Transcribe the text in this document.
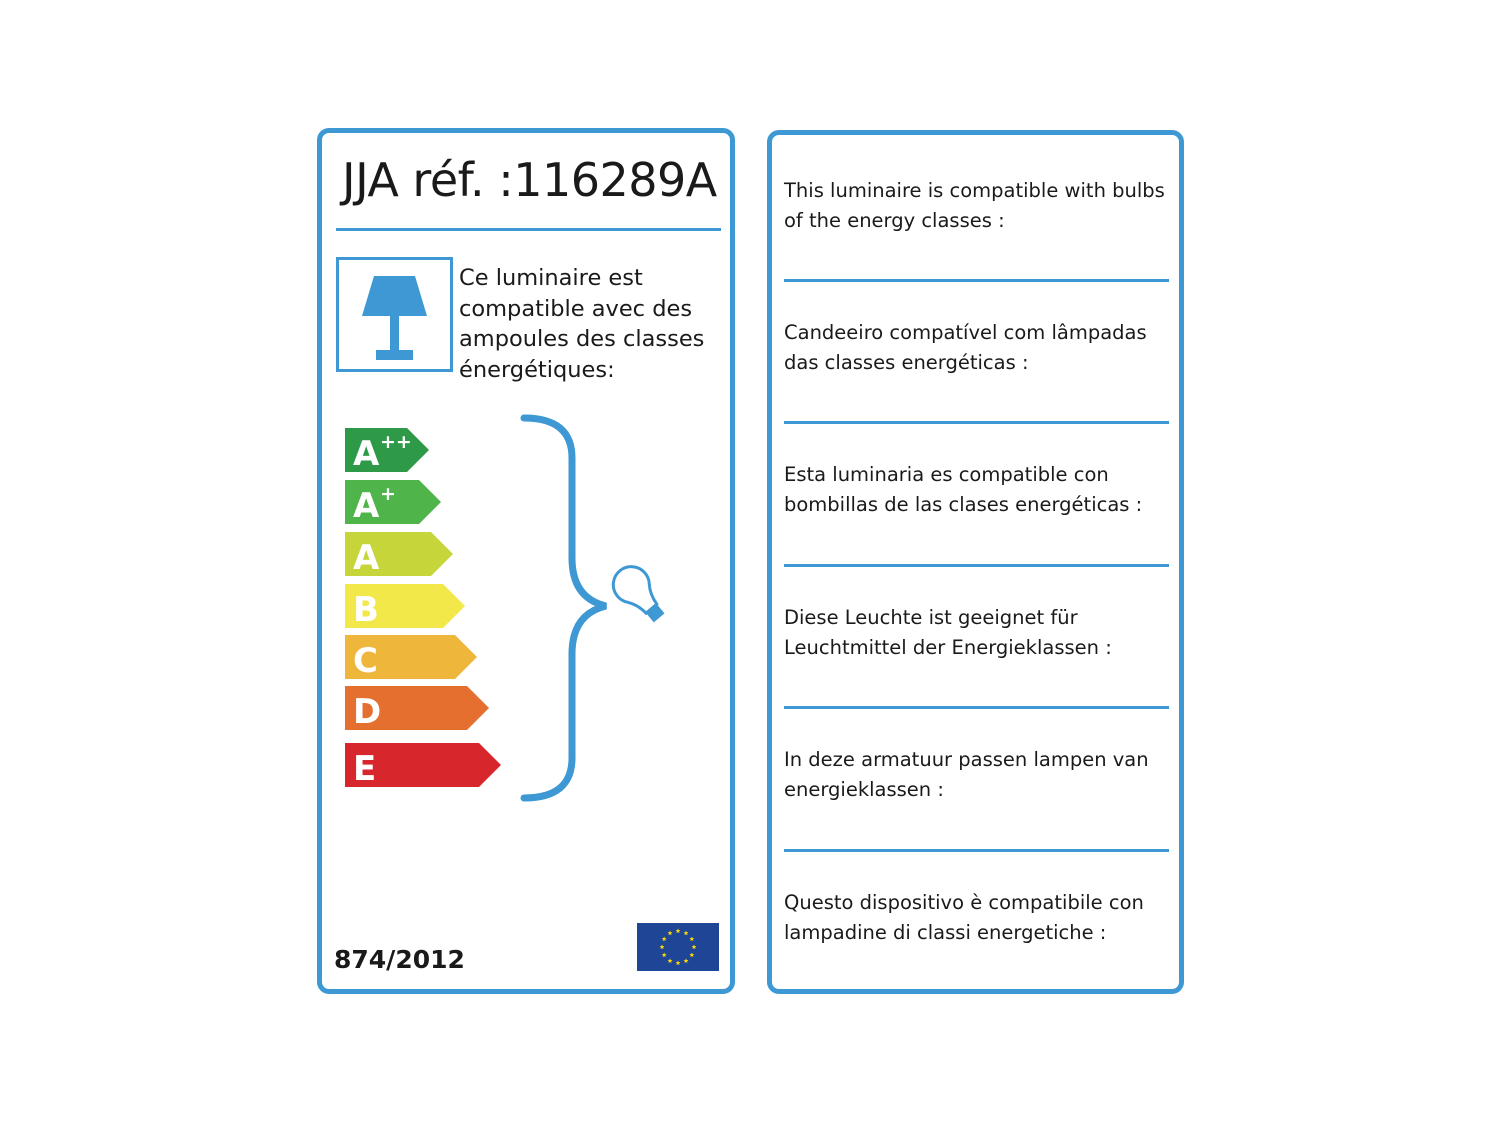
JJA réf. :116289A
Ce luminaire est compatible avec des ampoules des classes énergétiques:
A ++
A +
A
B
C
D
E
874/2012
This luminaire is compatible with bulbs of the energy classes :
Candeeiro compatível com lâmpadas das classes energéticas :
Esta luminaria es compatible con bombillas de las clases energéticas :
Diese Leuchte ist geeignet für Leuchtmittel der Energieklassen :
In deze armatuur passen lampen van energieklassen :
Questo dispositivo è compatibile con lampadine di classi energetiche :
